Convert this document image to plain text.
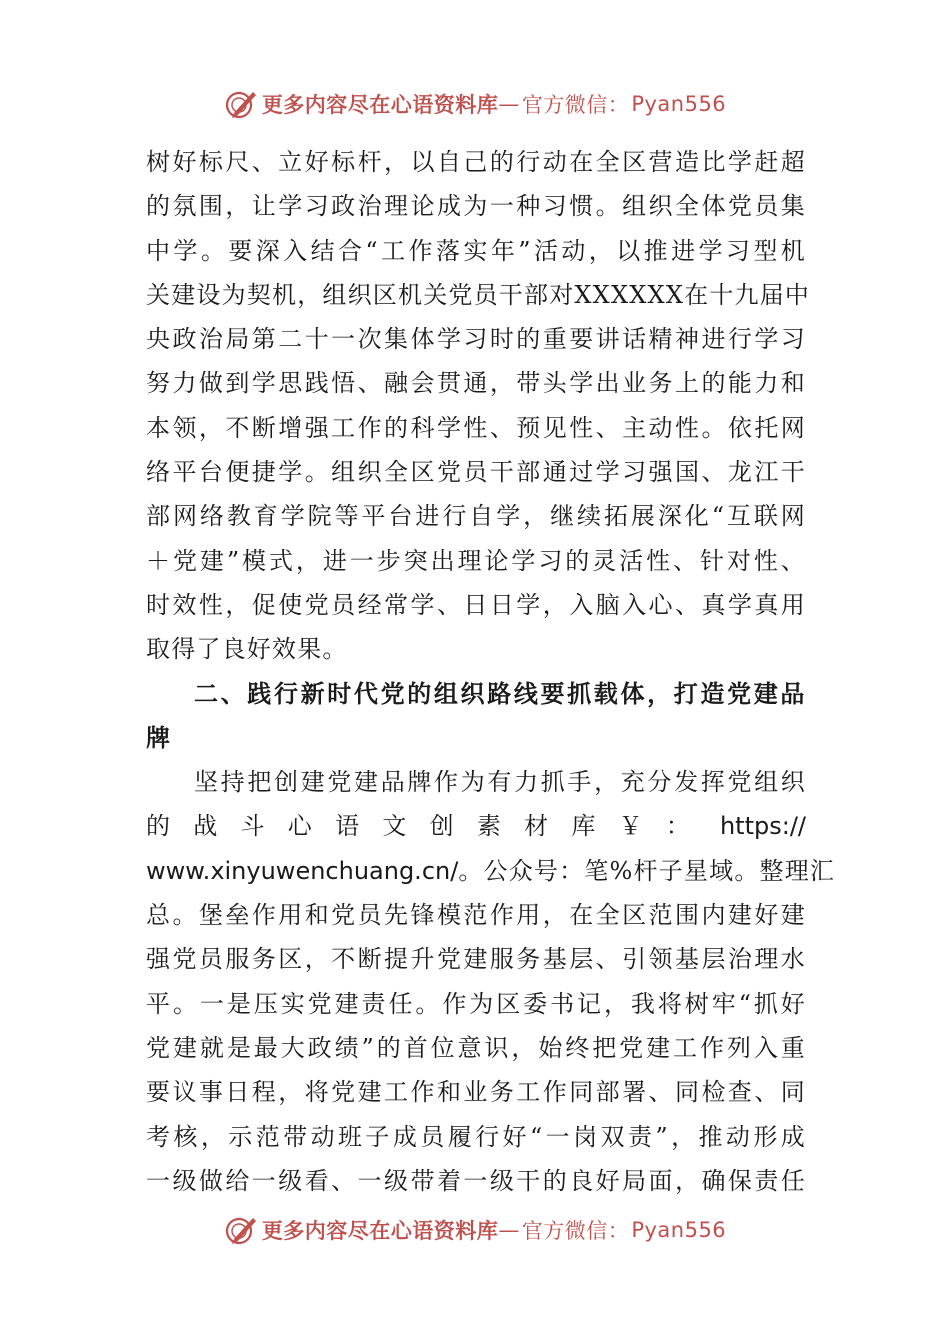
更多内容尽在心语资料库 — 官方微信： Pyan556
树好标尺、立好标杆，以自己的行动在全区营造比学赶超
的氛围，让学习政治理论成为一种习惯。组织全体党员集
中学。要深入结合“工作落实年”活动，以推进学习型机
关建设为契机，组织区机关党员干部对XXXXXX在十九届中
央政治局第二十一次集体学习时的重要讲话精神进行学习
努力做到学思践悟、融会贯通，带头学出业务上的能力和
本领，不断增强工作的科学性、预见性、主动性。依托网
络平台便捷学。组织全区党员干部通过学习强国、龙江干
部网络教育学院等平台进行自学，继续拓展深化“互联网
＋党建”模式，进一步突出理论学习的灵活性、针对性、
时效性，促使党员经常学、日日学，入脑入心、真学真用
取得了良好效果。
二、践行新时代党的组织路线要抓载体，打造党建品
牌
坚持把创建党建品牌作为有力抓手，充分发挥党组织
的 战 斗 心 语 文 创 素 材 库 ￥ ： https://
www.xinyuwenchuang.cn/。公众号：笔%杆子星域。整理汇
总。堡垒作用和党员先锋模范作用，在全区范围内建好建
强党员服务区，不断提升党建服务基层、引领基层治理水
平。一是压实党建责任。作为区委书记，我将树牢“抓好
党建就是最大政绩”的首位意识，始终把党建工作列入重
要议事日程，将党建工作和业务工作同部署、同检查、同
考核，示范带动班子成员履行好“一岗双责”，推动形成
一级做给一级看、一级带着一级干的良好局面，确保责任
更多内容尽在心语资料库 — 官方微信： Pyan556
